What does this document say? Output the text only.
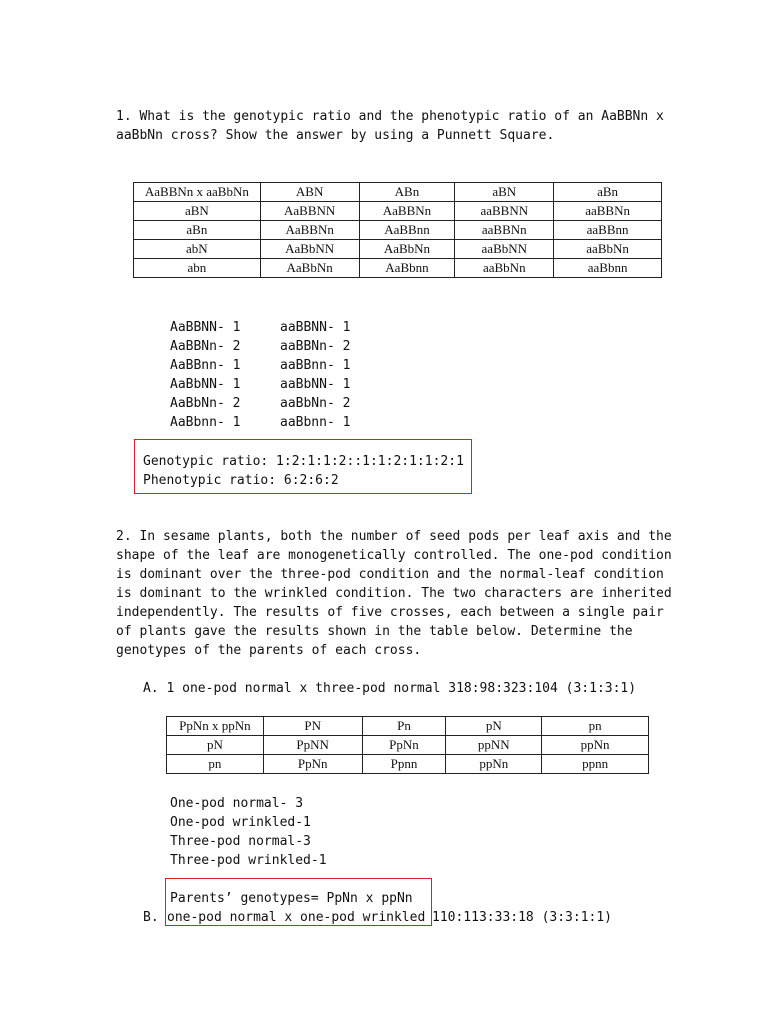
1. What is the genotypic ratio and the phenotypic ratio of an AaBBNn x
aaBbNn cross? Show the answer by using a Punnett Square.
AaBBNn x aaBbNn	ABN	ABn	aBN	aBn
aBN	AaBBNN	AaBBNn	aaBBNN	aaBBNn
aBn	AaBBNn	AaBBnn	aaBBNn	aaBBnn
abN	AaBbNN	AaBbNn	aaBbNN	aaBbNn
abn	AaBbNn	AaBbnn	aaBbNn	aaBbnn
AaBBNN- 1
AaBBNn- 2
AaBBnn- 1
AaBbNN- 1
AaBbNn- 2
AaBbnn- 1
aaBBNN- 1
aaBBNn- 2
aaBBnn- 1
aaBbNN- 1
aaBbNn- 2
aaBbnn- 1
Genotypic ratio: 1:2:1:1:2::1:1:2:1:1:2:1
Phenotypic ratio: 6:2:6:2
2. In sesame plants, both the number of seed pods per leaf axis and the
shape of the leaf are monogenetically controlled. The one-pod condition
is dominant over the three-pod condition and the normal-leaf condition
is dominant to the wrinkled condition. The two characters are inherited
independently. The results of five crosses, each between a single pair
of plants gave the results shown in the table below. Determine the
genotypes of the parents of each cross.
A. 1 one-pod normal x three-pod normal 318:98:323:104 (3:1:3:1)
PpNn x ppNn	PN	Pn	pN	pn
pN	PpNN	PpNn	ppNN	ppNn
pn	PpNn	Ppnn	ppNn	ppnn
One-pod normal- 3
One-pod wrinkled-1
Three-pod normal-3
Three-pod wrinkled-1
Parents’ genotypes= PpNn x ppNn
B. one-pod normal x one-pod wrinkled 110:113:33:18 (3:3:1:1)
